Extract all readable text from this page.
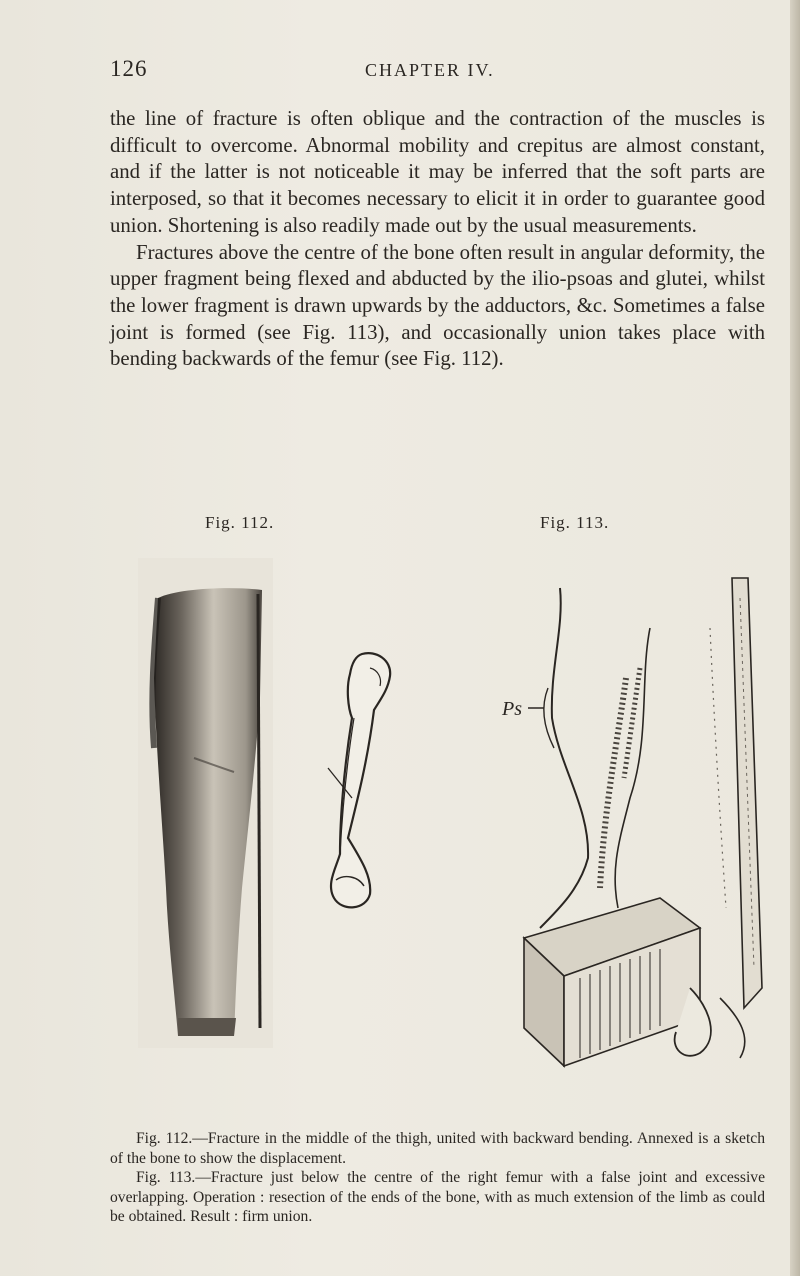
126	CHAPTER IV.

the line of fracture is often oblique and the contraction of the muscles is difficult to overcome. Abnormal mobility and crepitus are almost constant, and if the latter is not noticeable it may be inferred that the soft parts are interposed, so that it becomes necessary to elicit it in order to guarantee good union. Shortening is also readily made out by the usual measurements.

Fractures above the centre of the bone often result in angular deformity, the upper fragment being flexed and abducted by the ilio-psoas and glutei, whilst the lower fragment is drawn upwards by the adductors, &c. Sometimes a false joint is formed (see Fig. 113), and occasionally union takes place with bending backwards of the femur (see Fig. 112).

Fig. 112.	Fig. 113.
Ps

Fig. 112.—Fracture in the middle of the thigh, united with backward bending. Annexed is a sketch of the bone to show the displacement.

Fig. 113.—Fracture just below the centre of the right femur with a false joint and excessive overlapping. Operation : resection of the ends of the bone, with as much extension of the limb as could be obtained. Result : firm union.
